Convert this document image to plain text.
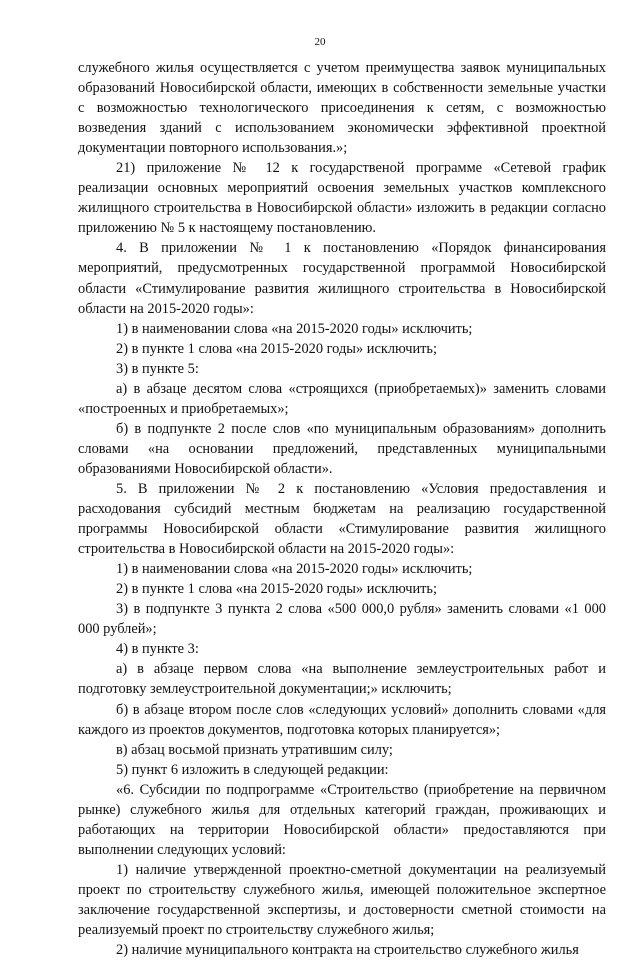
20

служебного жилья осуществляется с учетом преимущества заявок муниципальных образований Новосибирской области, имеющих в собственности земельные участки с возможностью технологического присоединения к сетям, с возможностью возведения зданий с использованием экономически эффективной проектной документации повторного использования.»;

21) приложение № 12 к государственой программе «Сетевой график реализации основных мероприятий освоения земельных участков комплексного жилищного строительства в Новосибирской области» изложить в редакции согласно приложению № 5 к настоящему постановлению.

4. В приложении № 1 к постановлению «Порядок финансирования мероприятий, предусмотренных государственной программой Новосибирской области «Стимулирование развития жилищного строительства в Новосибирской области на 2015-2020 годы»:

1) в наименовании слова «на 2015-2020 годы» исключить;

2) в пункте 1 слова «на 2015-2020 годы» исключить;

3) в пункте 5:

а) в абзаце десятом слова «строящихся (приобретаемых)» заменить словами «построенных и приобретаемых»;

б) в подпункте 2 после слов «по муниципальным образованиям» дополнить словами «на основании предложений, представленных муниципальными образованиями Новосибирской области».

5. В приложении № 2 к постановлению «Условия предоставления и расходования субсидий местным бюджетам на реализацию государственной программы Новосибирской области «Стимулирование развития жилищного строительства в Новосибирской области на 2015-2020 годы»:

1) в наименовании слова «на 2015-2020 годы» исключить;

2) в пункте 1 слова «на 2015-2020 годы» исключить;

3) в подпункте 3 пункта 2 слова «500 000,0 рубля» заменить словами «1 000 000 рублей»;

4) в пункте 3:

а) в абзаце первом слова «на выполнение землеустроительных работ и подготовку землеустроительной документации;» исключить;

б) в абзаце втором после слов «следующих условий» дополнить словами «для каждого из проектов документов, подготовка которых планируется»;

в) абзац восьмой признать утратившим силу;

5) пункт 6 изложить в следующей редакции:

«6. Субсидии по подпрограмме «Строительство (приобретение на первичном рынке) служебного жилья для отдельных категорий граждан, проживающих и работающих на территории Новосибирской области» предоставляются при выполнении следующих условий:

1) наличие утвержденной проектно-сметной документации на реализуемый проект по строительству служебного жилья, имеющей положительное экспертное заключение государственной экспертизы, и достоверности сметной стоимости на реализуемый проект по строительству служебного жилья;

2) наличие муниципального контракта на строительство служебного жилья
